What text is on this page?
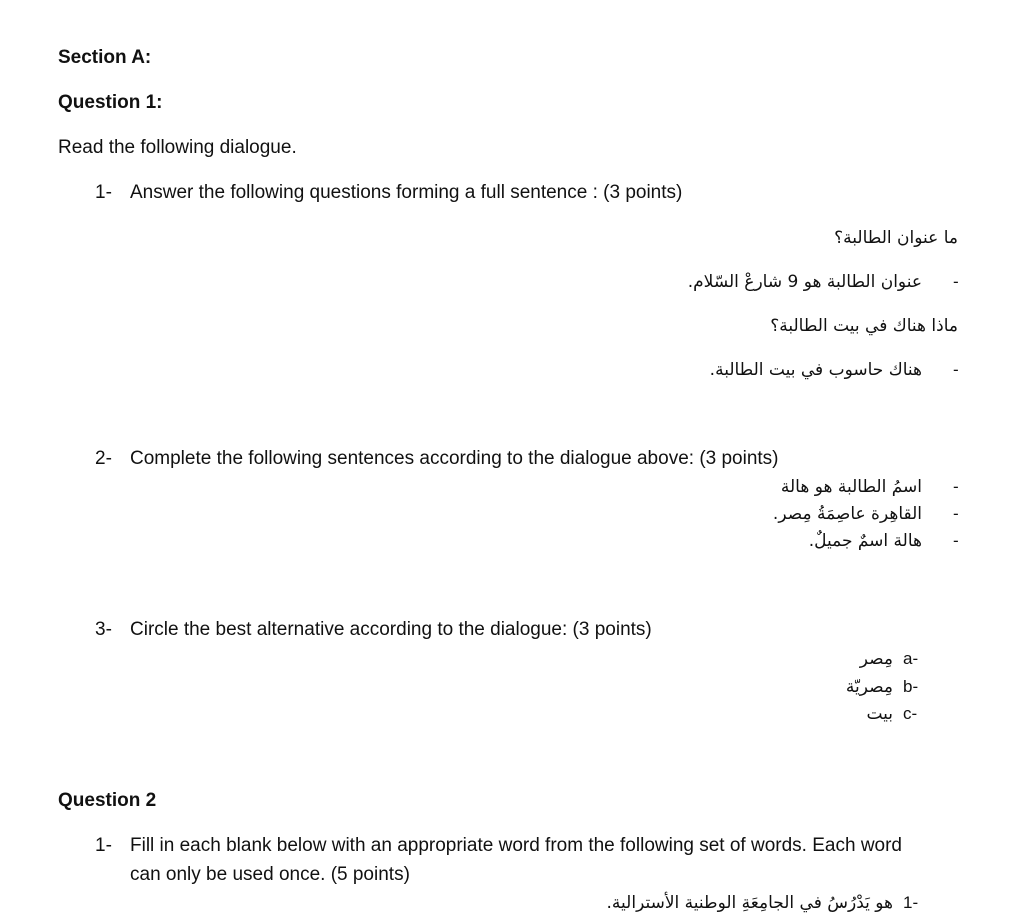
Section A:
Question 1:
Read the following dialogue.
1- Answer the following questions forming a full sentence : (3 points)
ما عنوان الطالبة؟
-
عنوان الطالبة هو 9 شارعْ السّلام.
ماذا هناك في بيت الطالبة؟
-
هناك حاسوب في بيت الطالبة.
2- Complete the following sentences according to the dialogue above: (3 points)
-
اسمُ الطالبة هو هالة
-
القاهِرة عاصِمَةُ مِصر.
-
هالة اسمٌ جميلٌ.
3- Circle the best alternative according to the dialogue: (3 points)
a-
مِصر
b-
مِصريّة
c-
بيت
Question 2
1- Fill in each blank below with an appropriate word from the following set of words. Each word
can only be used once. (5 points)
1-
هو يَدْرُسُ في الجامِعَةِ الوطنية الأسترالية.
